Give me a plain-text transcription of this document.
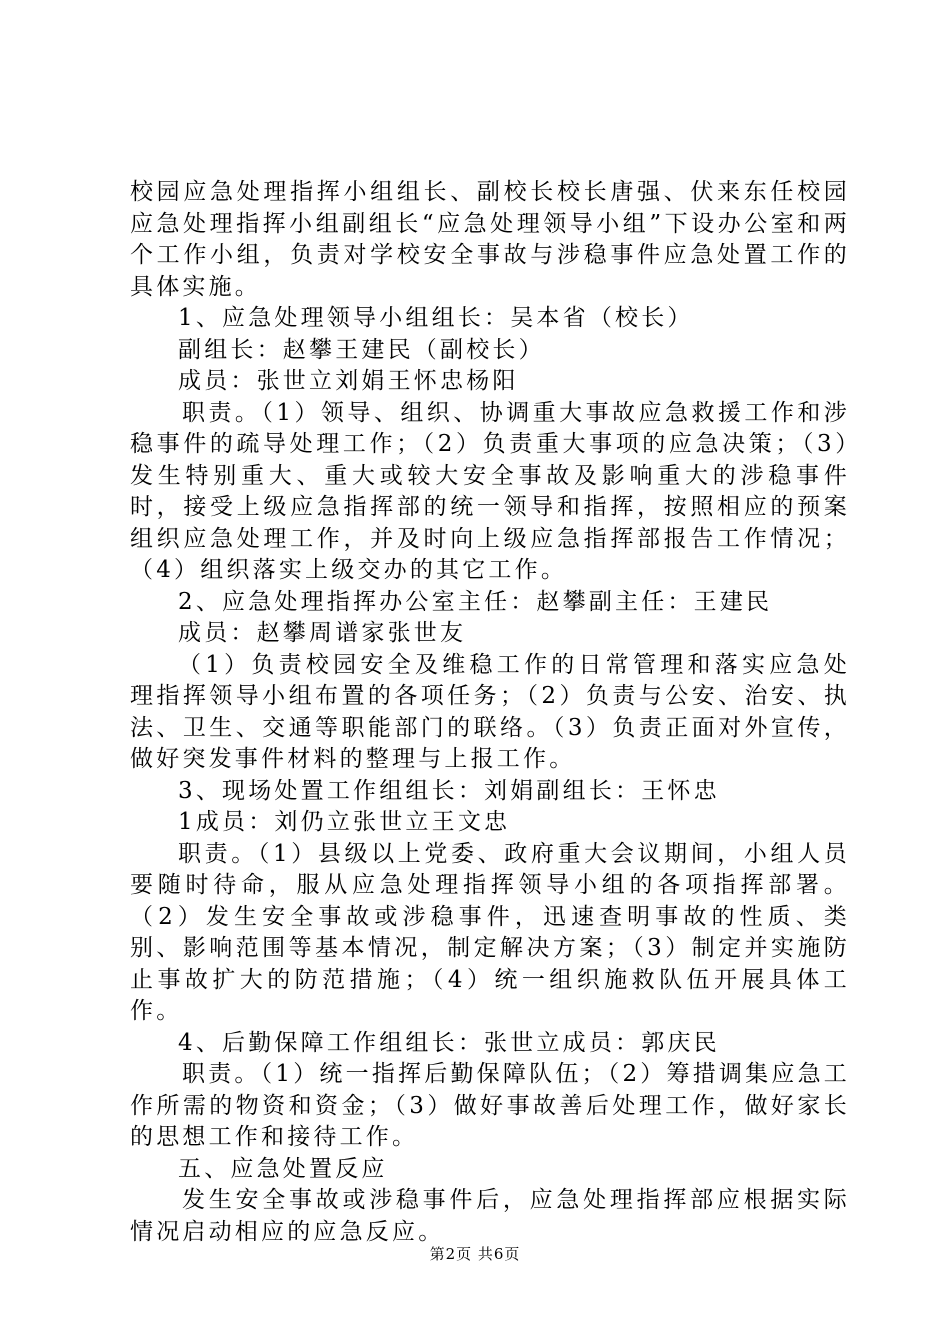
校园应急处理指挥小组组长、副校长校长唐强、伏来东任校园应急处理指挥小组副组长“应急处理领导小组”下设办公室和两个工作小组，负责对学校安全事故与涉稳事件应急处置工作的具体实施。

1、应急处理领导小组组长：吴本省（校长）

副组长：赵攀王建民（副校长）

成员：张世立刘娟王怀忠杨阳

职责。（1）领导、组织、协调重大事故应急救援工作和涉稳事件的疏导处理工作；（2）负责重大事项的应急决策；（3）发生特别重大、重大或较大安全事故及影响重大的涉稳事件时，接受上级应急指挥部的统一领导和指挥，按照相应的预案组织应急处理工作，并及时向上级应急指挥部报告工作情况；（4）组织落实上级交办的其它工作。

2、应急处理指挥办公室主任：赵攀副主任：王建民

成员：赵攀周谱家张世友

（1）负责校园安全及维稳工作的日常管理和落实应急处理指挥领导小组布置的各项任务；（2）负责与公安、治安、执法、卫生、交通等职能部门的联络。（3）负责正面对外宣传，做好突发事件材料的整理与上报工作。

3、现场处置工作组组长：刘娟副组长：王怀忠

1成员：刘仍立张世立王文忠

职责。（1）县级以上党委、政府重大会议期间，小组人员要随时待命，服从应急处理指挥领导小组的各项指挥部署。（2）发生安全事故或涉稳事件，迅速查明事故的性质、类别、影响范围等基本情况，制定解决方案；（3）制定并实施防止事故扩大的防范措施；（4）统一组织施救队伍开展具体工作。

4、后勤保障工作组组长：张世立成员：郭庆民

职责。（1）统一指挥后勤保障队伍；（2）筹措调集应急工作所需的物资和资金；（3）做好事故善后处理工作，做好家长的思想工作和接待工作。

五、应急处置反应

发生安全事故或涉稳事件后，应急处理指挥部应根据实际情况启动相应的应急反应。

第2页 共6页
